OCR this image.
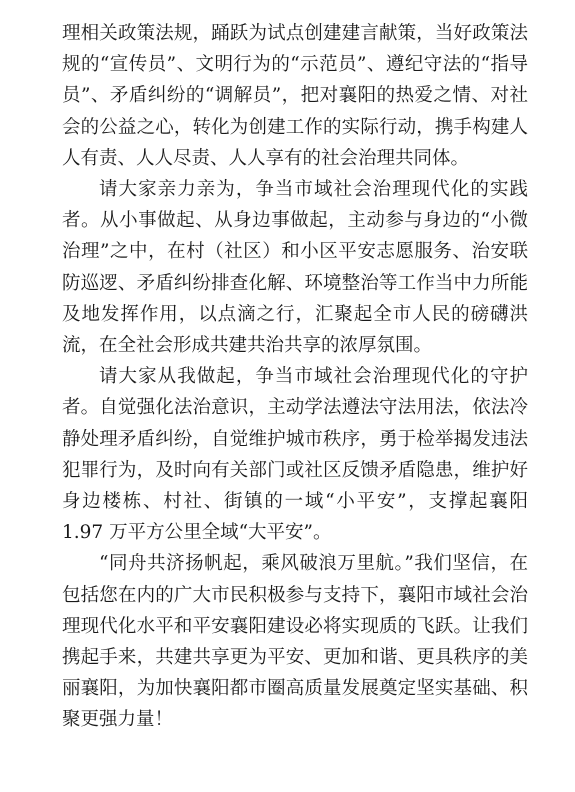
理相关政策法规，踊跃为试点创建建言献策，当好政策法规的“宣传员”、文明行为的“示范员”、遵纪守法的“指导员”、矛盾纠纷的“调解员”，把对襄阳的热爱之情、对社会的公益之心，转化为创建工作的实际行动，携手构建人人有责、人人尽责、人人享有的社会治理共同体。

请大家亲力亲为，争当市域社会治理现代化的实践者。从小事做起、从身边事做起，主动参与身边的“小微治理”之中，在村（社区）和小区平安志愿服务、治安联防巡逻、矛盾纠纷排查化解、环境整治等工作当中力所能及地发挥作用，以点滴之行，汇聚起全市人民的磅礴洪流，在全社会形成共建共治共享的浓厚氛围。

请大家从我做起，争当市域社会治理现代化的守护者。自觉强化法治意识，主动学法遵法守法用法，依法冷静处理矛盾纠纷，自觉维护城市秩序，勇于检举揭发违法犯罪行为，及时向有关部门或社区反馈矛盾隐患，维护好身边楼栋、村社、街镇的一域“小平安”，支撑起襄阳 1.97 万平方公里全域“大平安”。

“同舟共济扬帆起，乘风破浪万里航。”我们坚信，在包括您在内的广大市民积极参与支持下，襄阳市域社会治理现代化水平和平安襄阳建设必将实现质的飞跃。让我们携起手来，共建共享更为平安、更加和谐、更具秩序的美丽襄阳，为加快襄阳都市圈高质量发展奠定坚实基础、积聚更强力量！
